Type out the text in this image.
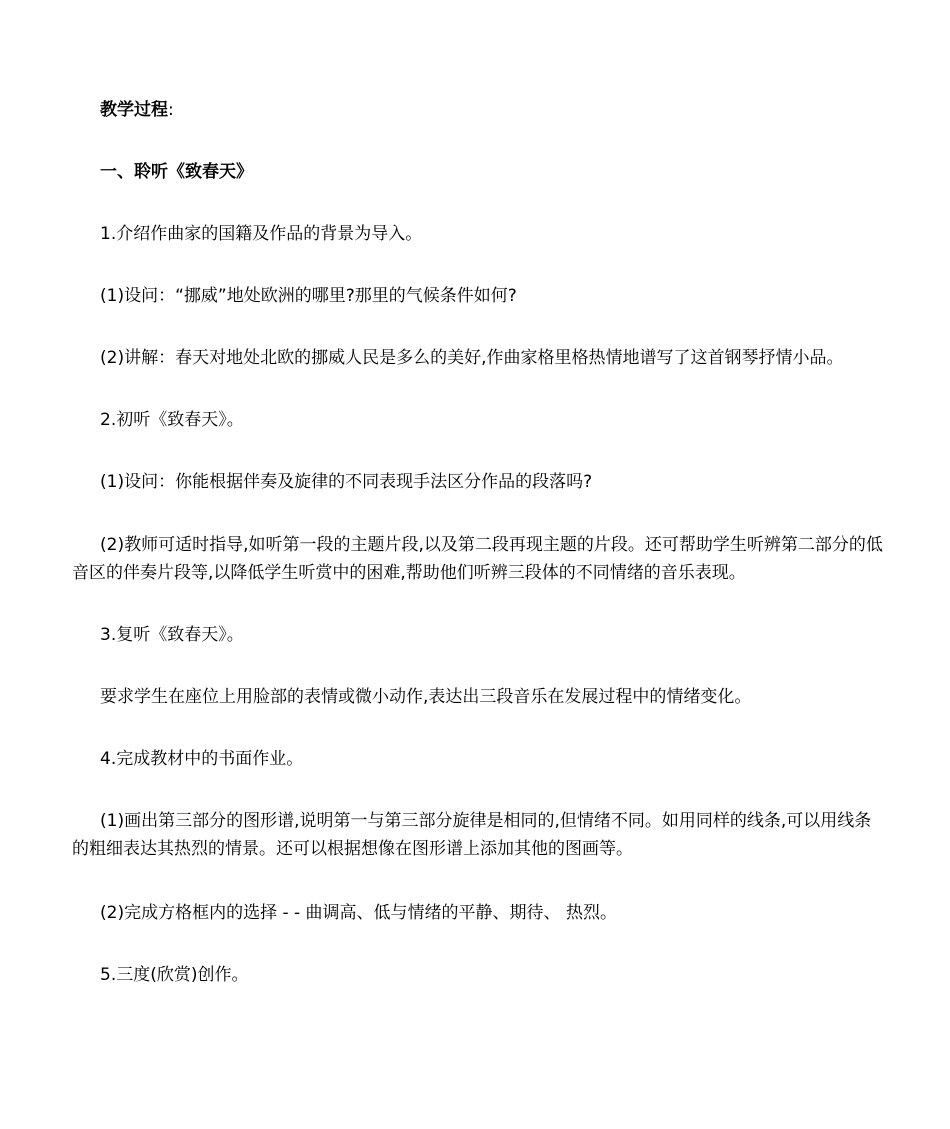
教学过程:
一、聆听《致春天》
1.介绍作曲家的国籍及作品的背景为导入。
(1)设问：“挪威”地处欧洲的哪里?那里的气候条件如何?
(2)讲解：春天对地处北欧的挪威人民是多么的美好,作曲家格里格热情地谱写了这首钢琴抒情小品。
2.初听《致春天》。
(1)设问：你能根据伴奏及旋律的不同表现手法区分作品的段落吗?
(2)教师可适时指导,如听第一段的主题片段,以及第二段再现主题的片段。还可帮助学生听辨第二部分的低音区的伴奏片段等,以降低学生听赏中的困难,帮助他们听辨三段体的不同情绪的音乐表现。
3.复听《致春天》。
要求学生在座位上用脸部的表情或微小动作,表达出三段音乐在发展过程中的情绪变化。
4.完成教材中的书面作业。
(1)画出第三部分的图形谱,说明第一与第三部分旋律是相同的,但情绪不同。如用同样的线条,可以用线条的粗细表达其热烈的情景。还可以根据想像在图形谱上添加其他的图画等。
(2)完成方格框内的选择 - - 曲调高、低与情绪的平静、期待、 热烈。
5.三度(欣赏)创作。
